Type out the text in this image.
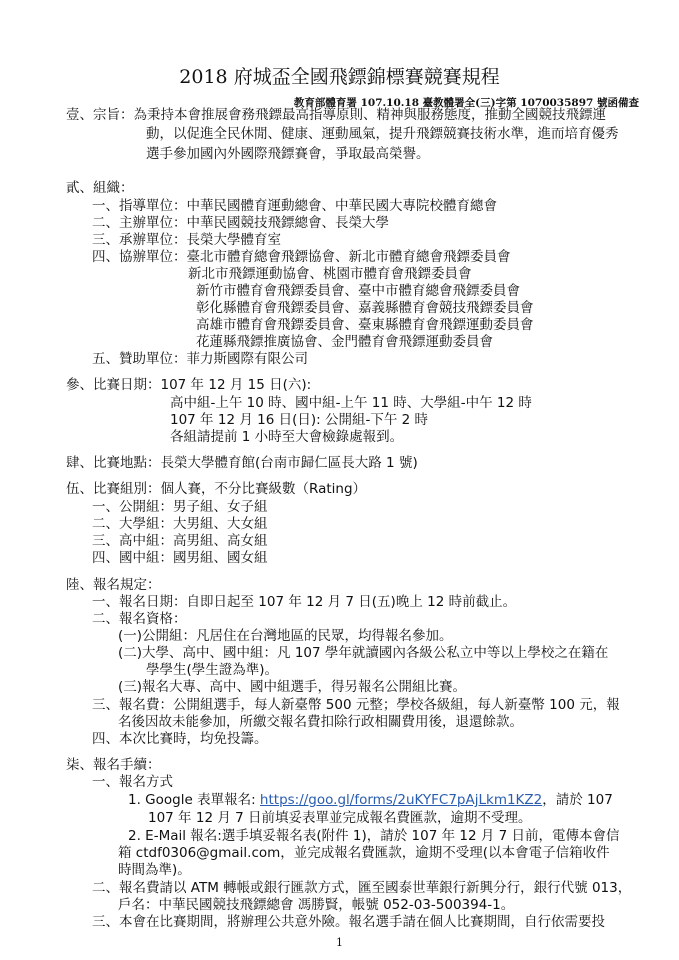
2018 府城盃全國飛鏢錦標賽競賽規程
教育部體育署 107.10.18 臺教體署全(三)字第 1070035897 號函備查
壹、宗旨：為秉持本會推展會務飛鏢最高指導原則、精神與服務態度，推動全國競技飛鏢運
動，以促進全民休閒、健康、運動風氣，提升飛鏢競賽技術水準，進而培育優秀
選手參加國內外國際飛鏢賽會，爭取最高榮譽。
貳、組織：
一、指導單位：中華民國體育運動總會、中華民國大專院校體育總會
二、主辦單位：中華民國競技飛鏢總會、長榮大學
三、承辦單位：長榮大學體育室
四、協辦單位：臺北市體育總會飛鏢協會、新北市體育總會飛鏢委員會
新北市飛鏢運動協會、桃園市體育會飛鏢委員會
新竹市體育會飛鏢委員會、臺中市體育總會飛鏢委員會
彰化縣體育會飛鏢委員會、嘉義縣體育會競技飛鏢委員會
高雄市體育會飛鏢委員會、臺東縣體育會飛鏢運動委員會
花蓮縣飛鏢推廣協會、金門體育會飛鏢運動委員會
五、贊助單位：菲力斯國際有限公司
參、比賽日期：107 年 12 月 15 日(六):
高中組-上午 10 時、國中組-上午 11 時、大學組-中午 12 時
107 年 12 月 16 日(日): 公開組-下午 2 時
各組請提前 1 小時至大會檢錄處報到。
肆、比賽地點：長榮大學體育館(台南市歸仁區長大路 1 號)
伍、比賽組別：個人賽，不分比賽級數（Rating）
一、公開組：男子組、女子組
二、大學組：大男組、大女組
三、高中組：高男組、高女組
四、國中組：國男組、國女組
陸、報名規定：
一、報名日期：自即日起至 107 年 12 月 7 日(五)晚上 12 時前截止。
二、報名資格：
(一)公開組：凡居住在台灣地區的民眾，均得報名參加。
(二)大學、高中、國中組：凡 107 學年就讀國內各級公私立中等以上學校之在籍在
學學生(學生證為準)。
(三)報名大專、高中、國中組選手，得另報名公開組比賽。
三、報名費：公開組選手，每人新臺幣 500 元整；學校各級組，每人新臺幣 100 元，報
名後因故未能參加，所繳交報名費扣除行政相關費用後，退還餘款。
四、本次比賽時，均免投籌。
柒、報名手續：
一、報名方式
1. Google 表單報名: https://goo.gl/forms/2uKYFC7pAjLkm1KZ2，請於 107
107 年 12 月 7 日前填妥表單並完成報名費匯款，逾期不受理。
2. E-Mail 報名:選手填妥報名表(附件 1)，請於 107 年 12 月 7 日前，電傳本會信
箱 ctdf0306@gmail.com，並完成報名費匯款，逾期不受理(以本會電子信箱收件
時間為準)。
二、報名費請以 ATM 轉帳或銀行匯款方式，匯至國泰世華銀行新興分行，銀行代號 013，
戶名：中華民國競技飛鏢總會 馮勝賢，帳號 052-03-500394-1。
三、本會在比賽期間，將辦理公共意外險。報名選手請在個人比賽期間，自行依需要投
1
